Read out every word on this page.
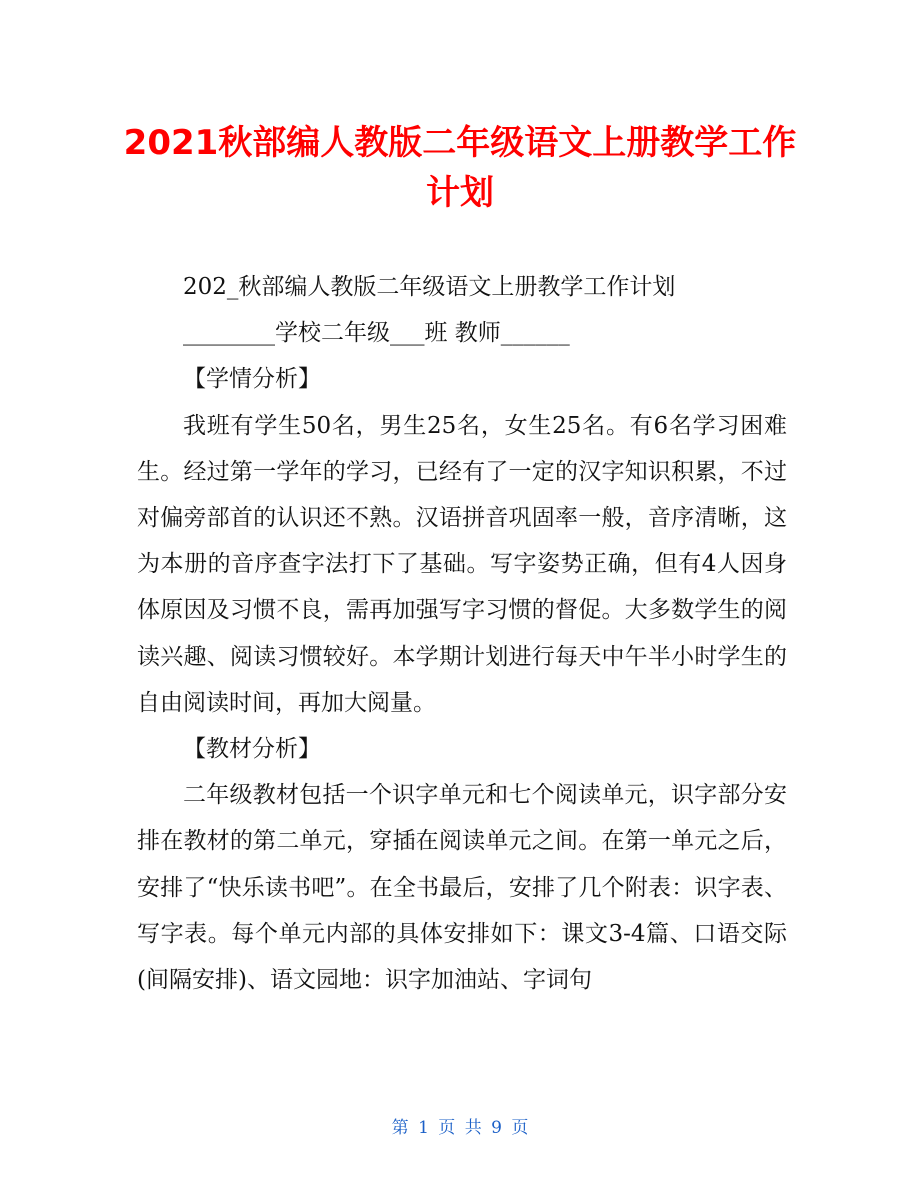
2021秋部编人教版二年级语文上册教学工作计划

202_秋部编人教版二年级语文上册教学工作计划

________学校二年级___班 教师______

【学情分析】

我班有学生50名，男生25名，女生25名。有6名学习困难生。经过第一学年的学习，已经有了一定的汉字知识积累，不过对偏旁部首的认识还不熟。汉语拼音巩固率一般，音序清晰，这为本册的音序查字法打下了基础。写字姿势正确，但有4人因身体原因及习惯不良，需再加强写字习惯的督促。大多数学生的阅读兴趣、阅读习惯较好。本学期计划进行每天中午半小时学生的自由阅读时间，再加大阅量。

【教材分析】

二年级教材包括一个识字单元和七个阅读单元，识字部分安排在教材的第二单元，穿插在阅读单元之间。在第一单元之后，安排了“快乐读书吧”。在全书最后，安排了几个附表：识字表、写字表。每个单元内部的具体安排如下：课文3-4篇、口语交际(间隔安排)、语文园地：识字加油站、字词句

第 1 页 共 9 页
